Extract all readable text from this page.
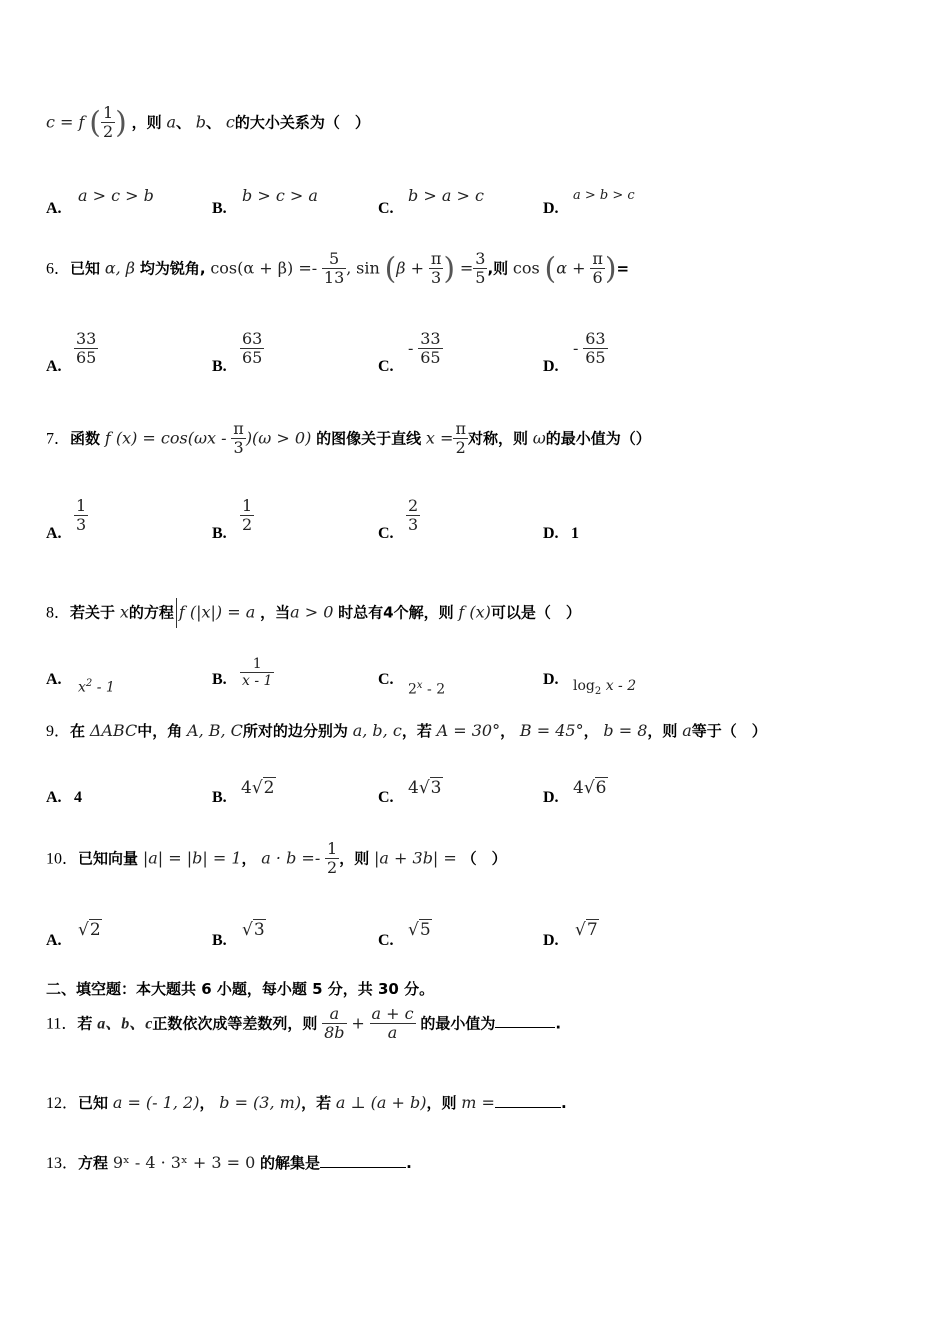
c = f ( $\frac{1}{2}$ ) ，则 a、 b、 c的大小关系为（　）
A.
a > c > b
B.
b > c > a
C.
b > a > c
D.
a > b > c
6．已知 α, β 均为锐角, $\cos(\alpha + \beta) =- \frac{5}{13}$ , $\sin (\beta + \frac{\pi}{3}$ ) = $\frac{3}{5}$ ,则 $\cos (\alpha + \frac{\pi}{6}$ )=
A. $\frac{33}{65}$	B. $\frac{63}{65}$	C.
- $\frac{33}{65}$	D.
- $\frac{63}{65}$
7．函数 f $(x) = \cos(\omega x - \frac{\pi}{3} )(\omega > 0)$ 的图像关于直线 $x = \frac{\pi}{2}$ 对称，则 ω的最小值为（）
A. $\frac{1}{3}$	B. $\frac{1}{2}$	C. $\frac{2}{3}$	D. 1
8．若关于 x的方程 f (|x|) = a ，当a > 0 时总有4个解，则 f (x)可以是（　）
A. $x^2 - 1$	B. $\frac{1}{x - 1}$	C.
2$^x$ - 2
D. $\log_2 x - 2$
9．在 ΔABC中，角 A, B, C所对的边分别为 a, b, c，若 A = 30°， B = 45°， b = 8，则 a等于（　）
A. 4	B. 4√2	C. 4√3	D. 4√6
10．已知向量 |a| = |b| = 1， $a \cdot b =- \frac{1}{2}$ ，则 |a + 3b| = （　）
A.
√2
B.
√3
C.
√5
D.
√7
二、填空题：本大题共 6 小题，每小题 5 分，共 30 分。
11．若 a、b、c正数依次成等差数列，则 $\frac{a}{8b} + \frac{a + c}{a}$ 的最小值为	.
12．已知 a = (- 1, 2)， b = (3, m)，若 a ⊥ (a + b)，则 m =	.
13．方程 9ˣ - 4 · 3ˣ + 3 = 0 的解集是	.
